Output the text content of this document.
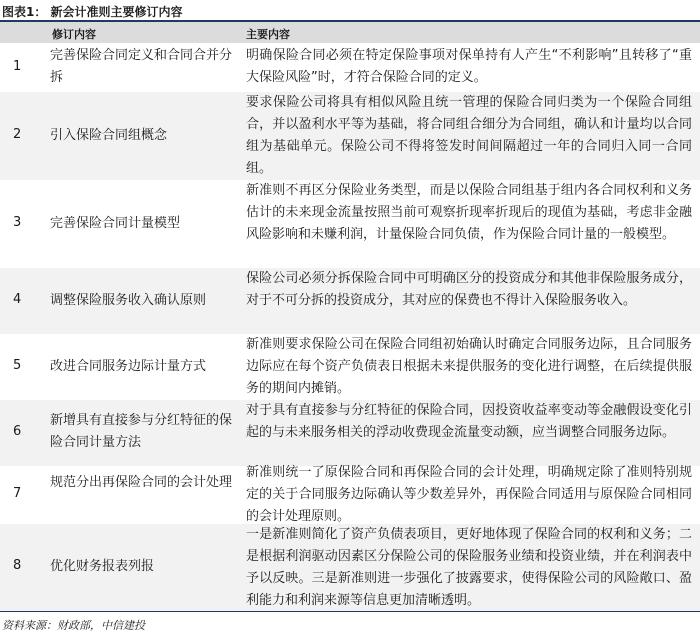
图表1： 新会计准则主要修订内容
修订内容	主要内容
1
完善保险合同定义和合同合并分拆
明确保险合同必须在特定保险事项对保单持有人产生“不利影响”且转移了“重大保险风险”时，才符合保险合同的定义。
2 引入保险合同组概念
要求保险公司将具有相似风险且统一管理的保险合同归类为一个保险合同组合，并以盈利水平等为基础，将合同组合细分为合同组，确认和计量均以合同组为基础单元。保险公司不得将签发时间间隔超过一年的合同归入同一合同组。
3 完善保险合同计量模型
新准则不再区分保险业务类型，而是以保险合同组基于组内各合同权利和义务估计的未来现金流量按照当前可观察折现率折现后的现值为基础，考虑非金融风险影响和未赚利润，计量保险合同负债，作为保险合同计量的一般模型。
4 调整保险服务收入确认原则
保险公司必须分拆保险合同中可明确区分的投资成分和其他非保险服务成分，对于不可分拆的投资成分，其对应的保费也不得计入保险服务收入。
5 改进合同服务边际计量方式
新准则要求保险公司在保险合同组初始确认时确定合同服务边际，且合同服务边际应在每个资产负债表日根据未来提供服务的变化进行调整，在后续提供服务的期间内摊销。
6
新增具有直接参与分红特征的保险合同计量方法
对于具有直接参与分红特征的保险合同，因投资收益率变动等金融假设变化引起的与未来服务相关的浮动收费现金流量变动额，应当调整合同服务边际。
7
规范分出再保险合同的会计处理
新准则统一了原保险合同和再保险合同的会计处理，明确规定除了准则特别规定的关于合同服务边际确认等少数差异外，再保险合同适用与原保险合同相同的会计处理原则。
8 优化财务报表列报
一是新准则简化了资产负债表项目，更好地体现了保险合同的权利和义务；二是根据利润驱动因素区分保险公司的保险服务业绩和投资业绩，并在利润表中予以反映。三是新准则进一步强化了披露要求，使得保险公司的风险敞口、盈利能力和利润来源等信息更加清晰透明。
资料来源：财政部，中信建投
